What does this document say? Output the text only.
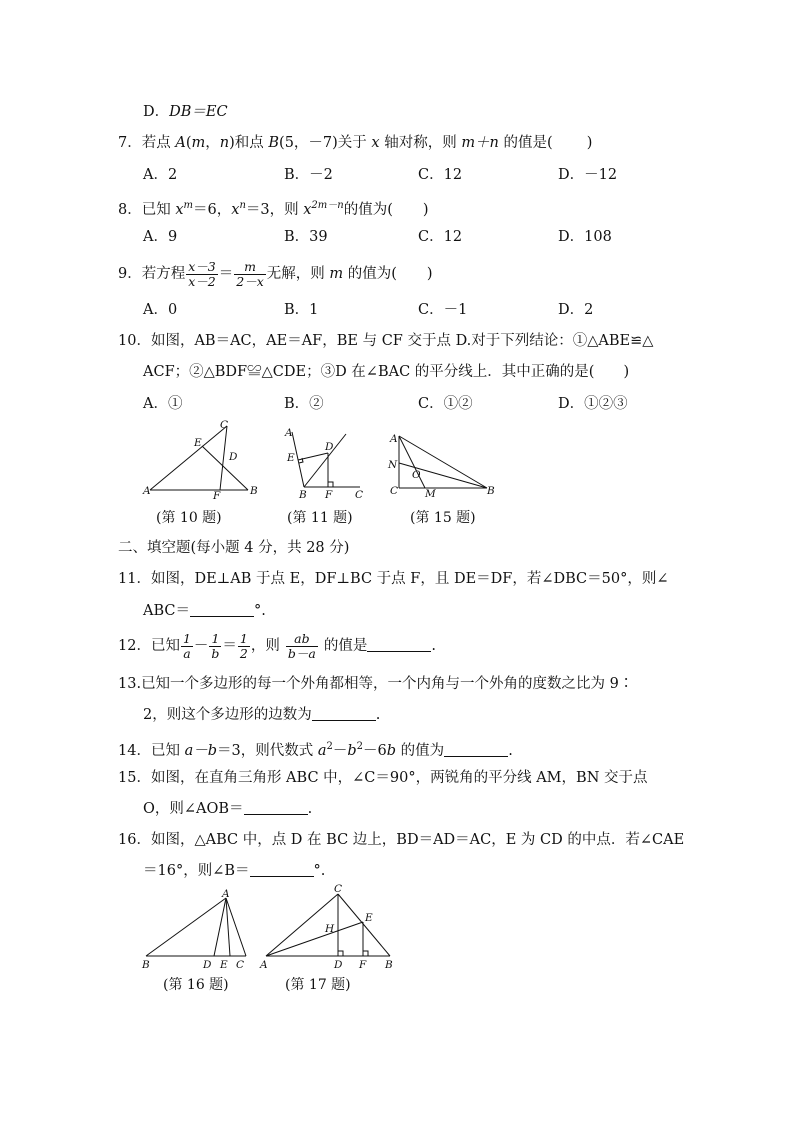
D．DB＝EC
7．若点 A(m，n)和点 B(5，－7)关于 x 轴对称，则 m＋n 的值是( )
A．2	B．－2	C．12	D．－12
8．已知 $x^m=6$，$x^n=3$，则 $x^{2m-n}$的值为( )
A．9	B．39	C．12	D．108
9．若方程 $\frac{x-3}{x-2} = \frac{m}{2-x}$ 无解，则 m 的值为( )
A．0	B．1	C．－1	D．2
10．如图，AB＝AC，AE＝AF，BE 与 CF 交于点 D.对于下列结论：①△ABE≌△
ACF；②△BDF≌△CDE；③D 在∠BAC 的平分线上．其中正确的是(　　)
A．①	B．②	C．①②	D．①②③
A	B
C
D
E
F
A
B	C
D
E
F
A
B
C	M
N
O
(第 10 题)	(第 11 题)	(第 15 题)
二、填空题(每小题 4 分，共 28 分)
11．如图，DE⊥AB 于点 E，DF⊥BC 于点 F，且 DE＝DF，若∠DBC＝50°，则∠
ABC＝	°.
12．已知 $\frac{1}{a} - \frac{1}{b} = \frac{1}{2}$ ，则 $\frac{ab}{b-a}$ 的值是	.
13.已知一个多边形的每一个外角都相等，一个内角与一个外角的度数之比为 9∶
2，则这个多边形的边数为	.
14．已知 a－b＝3，则代数式 $a^2-b^2-6b$ 的值为	.
15．如图，在直角三角形 ABC 中，∠C＝90°，两锐角的平分线 AM，BN 交于点
O，则∠AOB＝	.
16．如图，△ABC 中，点 D 在 BC 边上，BD＝AD＝AC，E 为 CD 的中点．若∠CAE
＝16°，则∠B＝	°.
A
B	C
D E
C
A	B
D
E
F
H
(第 16 题)	(第 17 题)
